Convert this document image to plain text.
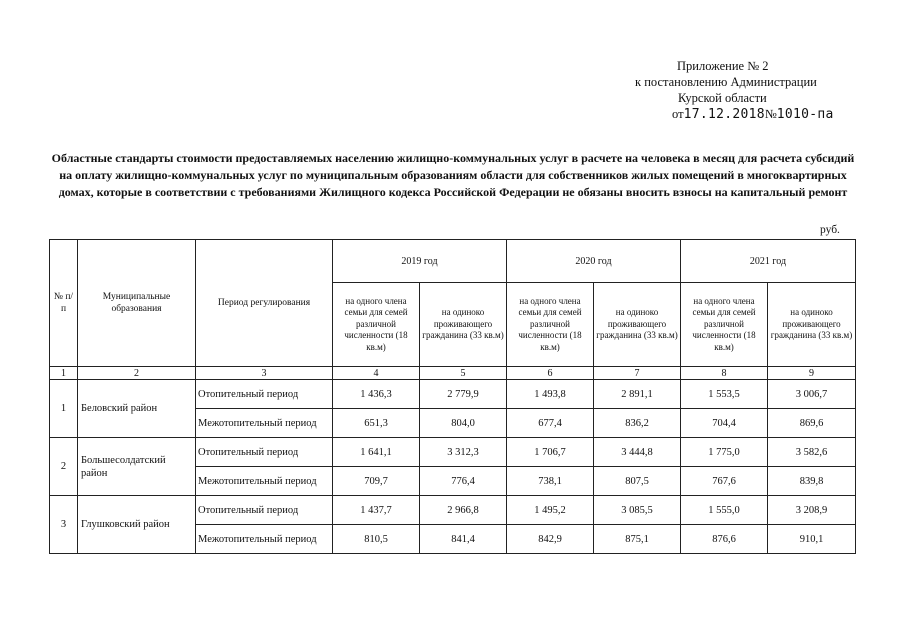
Приложение № 2
к постановлению Администрации
Курской области
от17.12.2018№1010-па
Областные стандарты стоимости предоставляемых населению жилищно-коммунальных услуг в расчете на человека в месяц для расчета субсидий на оплату жилищно-коммунальных услуг по муниципальным образованиям области для собственников жилых помещений в многоквартирных домах, которые в соответствии с требованиями Жилищного кодекса Российской Федерации не обязаны вносить взносы на капитальный ремонт
руб.
№ п/п	Муниципальные образования	Период регулирования	2019 год		2020 год		2021 год	
			на одного члена семьи для семей различной численности (18 кв.м)	на одиноко проживающего гражданина (33 кв.м)	на одного члена семьи для семей различной численности (18 кв.м)	на одиноко проживающего гражданина (33 кв.м)	на одного члена семьи для семей различной численности (18 кв.м)	на одиноко проживающего гражданина (33 кв.м)
1	2	3	4	5	6	7	8	9
1	Беловский район	Отопительный период	1 436,3	2 779,9	1 493,8	2 891,1	1 553,5	3 006,7
		Межотопительный период	651,3	804,0	677,4	836,2	704,4	869,6
2	Большесолдатский район	Отопительный период	1 641,1	3 312,3	1 706,7	3 444,8	1 775,0	3 582,6
		Межотопительный период	709,7	776,4	738,1	807,5	767,6	839,8
3	Глушковский район	Отопительный период	1 437,7	2 966,8	1 495,2	3 085,5	1 555,0	3 208,9
		Межотопительный период	810,5	841,4	842,9	875,1	876,6	910,1
